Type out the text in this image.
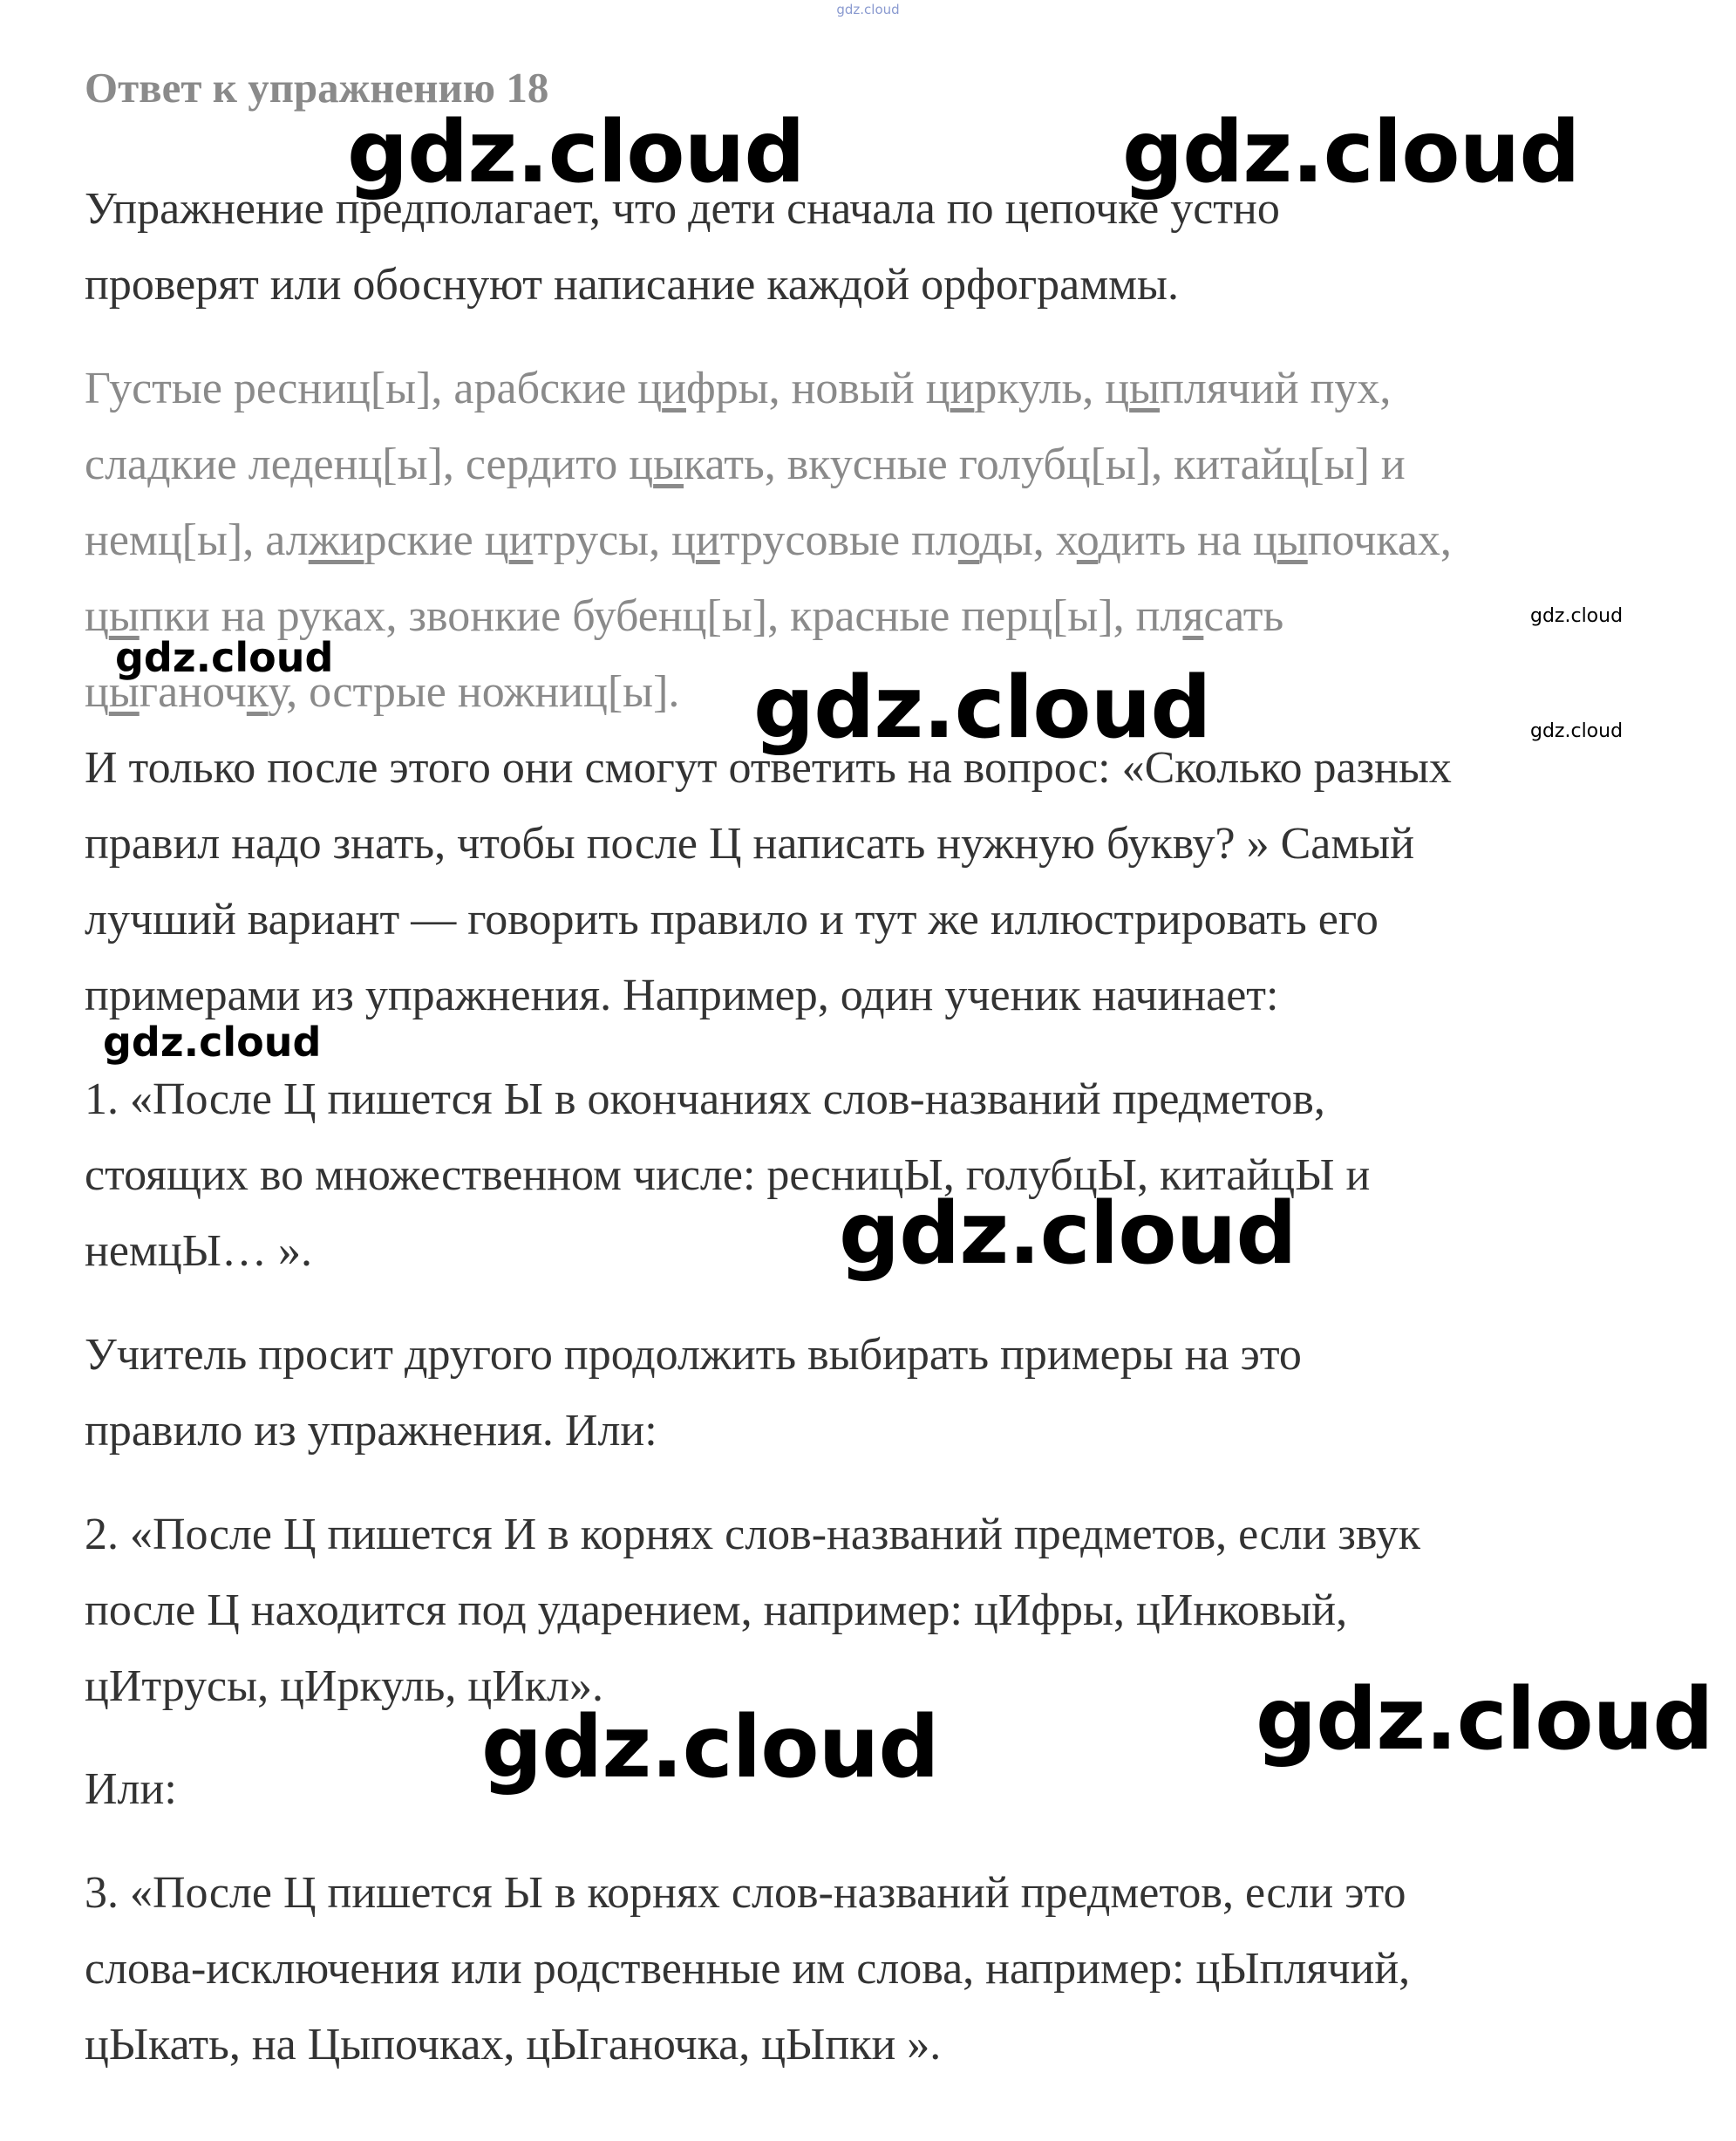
gdz.cloud
Ответ к упражнению 18
Упражнение предполагает, что дети сначала по цепочке устно
проверят или обоснуют написание каждой орфограммы.
Густые ресниц[ы], арабские цифры, новый циркуль, цыплячий пух,
сладкие леденц[ы], сердито цыкать, вкусные голубц[ы], китайц[ы] и
немц[ы], алжирские цитрусы, цитрусовые плоды, ходить на цыпочках,
цыпки на руках, звонкие бубенц[ы], красные перц[ы], плясать
цыганочку, острые ножниц[ы].
И только после этого они смогут ответить на вопрос: «Сколько разных
правил надо знать, чтобы после Ц написать нужную букву? » Самый
лучший вариант — говорить правило и тут же иллюстрировать его
примерами из упражнения. Например, один ученик начинает:
1. «После Ц пишется Ы в окончаниях слов-названий предметов,
стоящих во множественном числе: ресницЫ, голубцЫ, китайцЫ и
немцЫ… ».
Учитель просит другого продолжить выбирать примеры на это
правило из упражнения. Или:
2. «После Ц пишется И в корнях слов-названий предметов, если звук
после Ц находится под ударением, например: цИфры, цИнковый,
цИтрусы, цИркуль, цИкл».
Или:
3. «После Ц пишется Ы в корнях слов-названий предметов, если это
слова-исключения или родственные им слова, например: цЫплячий,
цЫкать, на Цыпочках, цЫганочка, цЫпки ».
gdz.cloud	gdz.cloud
gdz.cloud
gdz.cloud
gdz.cloud	gdz.cloud
gdz.cloud
gdz.cloud
gdz.cloud
gdz.cloud
